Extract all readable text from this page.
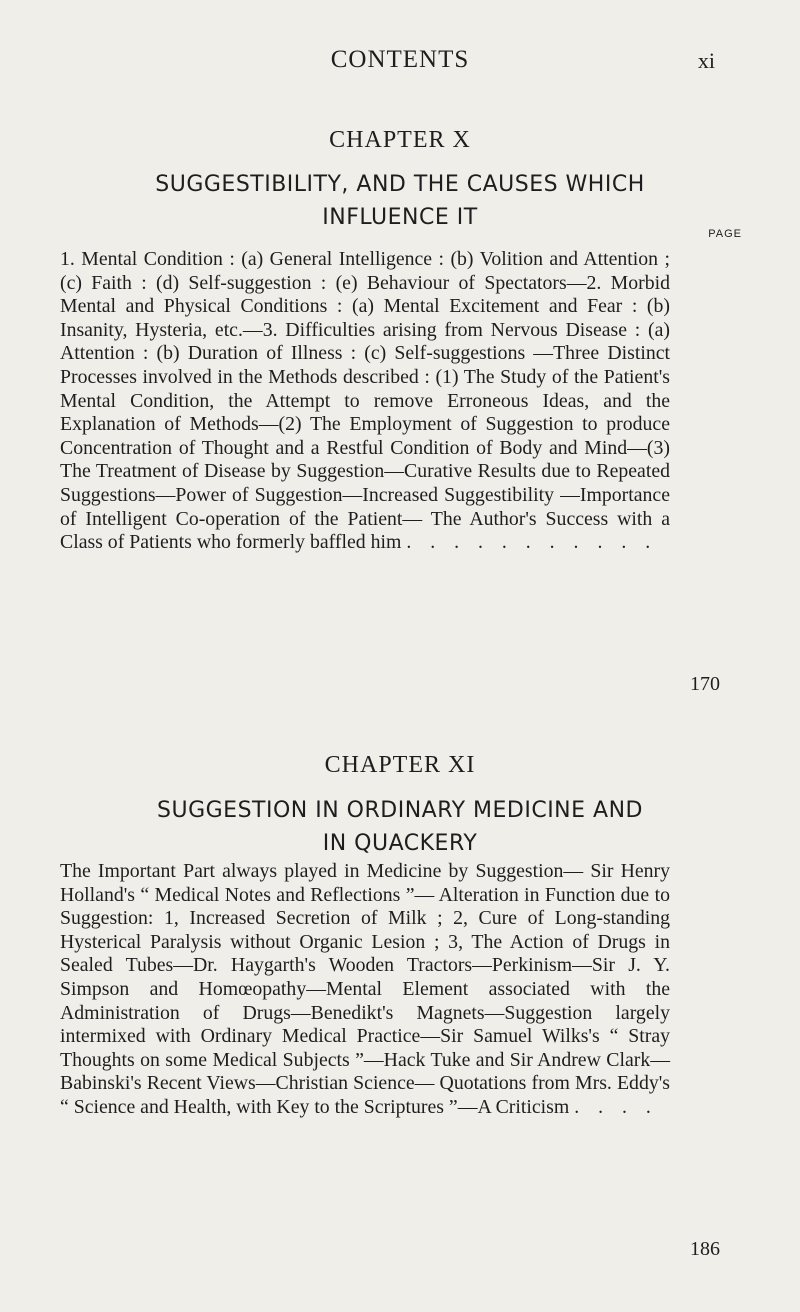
CONTENTS	xi
CHAPTER X
SUGGESTIBILITY, AND THE CAUSES WHICH
INFLUENCE IT
PAGE
1. Mental Condition : (a) General Intelligence : (b) Volition and Attention ; (c) Faith : (d) Self-suggestion : (e) Behaviour of Spectators—2. Morbid Mental and Physical Conditions : (a) Mental Excitement and Fear : (b) Insanity, Hysteria, etc.—3. Difficulties arising from Nervous Disease : (a) Attention : (b) Duration of Illness : (c) Self-suggestions —Three Distinct Processes involved in the Methods described : (1) The Study of the Patient's Mental Condition, the Attempt to remove Erroneous Ideas, and the Explanation of Methods—(2) The Employment of Suggestion to produce Concentration of Thought and a Restful Condition of Body and Mind—(3) The Treatment of Disease by Suggestion—Curative Results due to Repeated Suggestions—Power of Suggestion—Increased Suggestibility —Importance of Intelligent Co-operation of the Patient— The Author's Success with a Class of Patients who formerly baffled him . . . . . . . . . . .
170
CHAPTER XI
SUGGESTION IN ORDINARY MEDICINE AND
IN QUACKERY
The Important Part always played in Medicine by Suggestion— Sir Henry Holland's “ Medical Notes and Reflections ”— Alteration in Function due to Suggestion: 1, Increased Secretion of Milk ; 2, Cure of Long-standing Hysterical Paralysis without Organic Lesion ; 3, The Action of Drugs in Sealed Tubes—Dr. Haygarth's Wooden Tractors—Perkinism—Sir J. Y. Simpson and Homœopathy—Mental Element associated with the Administration of Drugs—Benedikt's Magnets—Suggestion largely intermixed with Ordinary Medical Practice—Sir Samuel Wilks's “ Stray Thoughts on some Medical Subjects ”—Hack Tuke and Sir Andrew Clark—Babinski's Recent Views—Christian Science— Quotations from Mrs. Eddy's “ Science and Health, with Key to the Scriptures ”—A Criticism . . . .
186
